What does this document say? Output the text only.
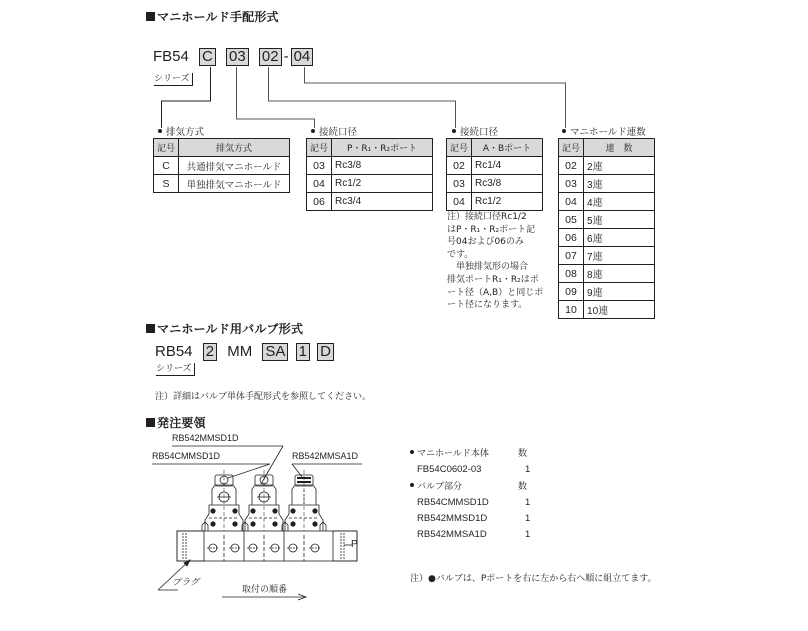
マニホールド手配形式
FB54 C 03 02 - 04
シリーズ
排気方式
記号	排気方式
C	共通排気マニホールド
S	単独排気マニホールド
接続口径
記号	P・R₁・R₂ポート
03	Rc3/8
04	Rc1/2
06	Rc3/4
接続口径
記号	A・Bポート
02	Rc1/4
03	Rc3/8
04	Rc1/2
注）接続口径Rc1/2
はP・R₁・R₂ポート記
号04および06のみ
です。
　単独排気形の場合
排気ポートR₁・R₂はポ
ート径（A,B）と同じポ
ート径になります。
マニホールド連数
記号	連　数
02	2連
03	3連
04	4連
05	5連
06	6連
07	7連
08	8連
09	9連
10	10連
マニホールド用バルブ形式
RB54 2 MM SA 1 D
シリーズ
注）詳細はバルブ単体手配形式を参照してください。
発注要領
RB542MMSD1D
RB54CMMSD1D	RB542MMSA1D
プラグ
P
取付の順番
マニホールド本体	数
FB54C0602-03	1
バルブ部分	数
RB54CMMSD1D	1
RB542MMSD1D	1
RB542MMSA1D	1
注）●バルブは、Pポートを右に左から右へ順に組立てます。
